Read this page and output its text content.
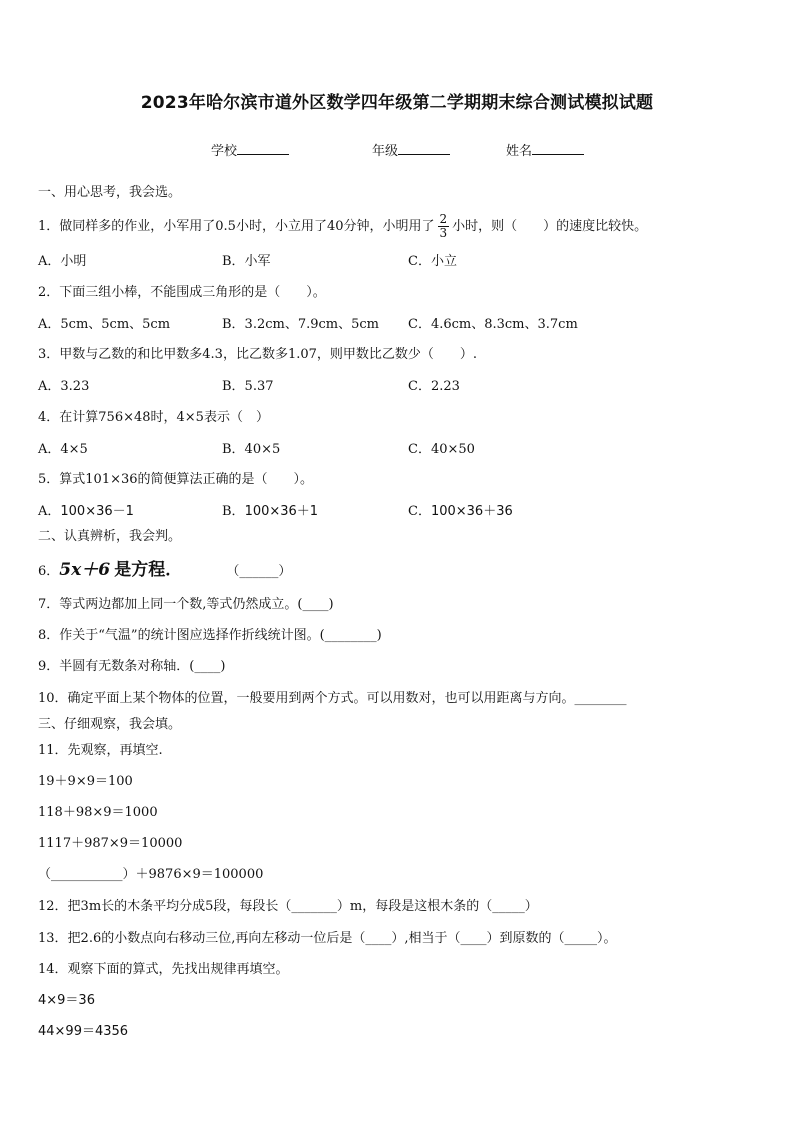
2023年哈尔滨市道外区数学四年级第二学期期末综合测试模拟试题
学校	年级	姓名
一、用心思考，我会选。
1．做同样多的作业，小军用了0.5小时，小立用了40分钟，小明用了 $\frac{2}{3}$ 小时，则（　　）的速度比较快。
A．小明	B．小军	C．小立
2．下面三组小棒，不能围成三角形的是（　　）。
A．5cm、5cm、5cm	B．3.2cm、7.9cm、5cm C．4.6cm、8.3cm、3.7cm
3．甲数与乙数的和比甲数多4.3，比乙数多1.07，则甲数比乙数少（　　）.
A．3.23	B．5.37	C．2.23
4．在计算756×48时，4×5表示（　）
A．4×5	B．40×5	C．40×50
5．算式101×36的简便算法正确的是（　　）。
A．100×36－1	B．100×36＋1	C．100×36＋36
二、认真辨析，我会判。
6．5x＋6 是方程．	（______）
7．等式两边都加上同一个数,等式仍然成立。(____)
8．作关于“气温”的统计图应选择作折线统计图。(________)
9．半圆有无数条对称轴．(____)
10．确定平面上某个物体的位置，一般要用到两个方式。可以用数对，也可以用距离与方向。________
三、仔细观察，我会填。
11．先观察，再填空.
19＋9×9＝100
118＋98×9＝1000
1117＋987×9＝10000
（___________）＋9876×9＝100000
12．把3m长的木条平均分成5段，每段长（_______）m，每段是这根木条的（_____）
13．把2.6的小数点向右移动三位,再向左移动一位后是（____）,相当于（____）到原数的（_____）。
14．观察下面的算式，先找出规律再填空。
4×9＝36
44×99＝4356
